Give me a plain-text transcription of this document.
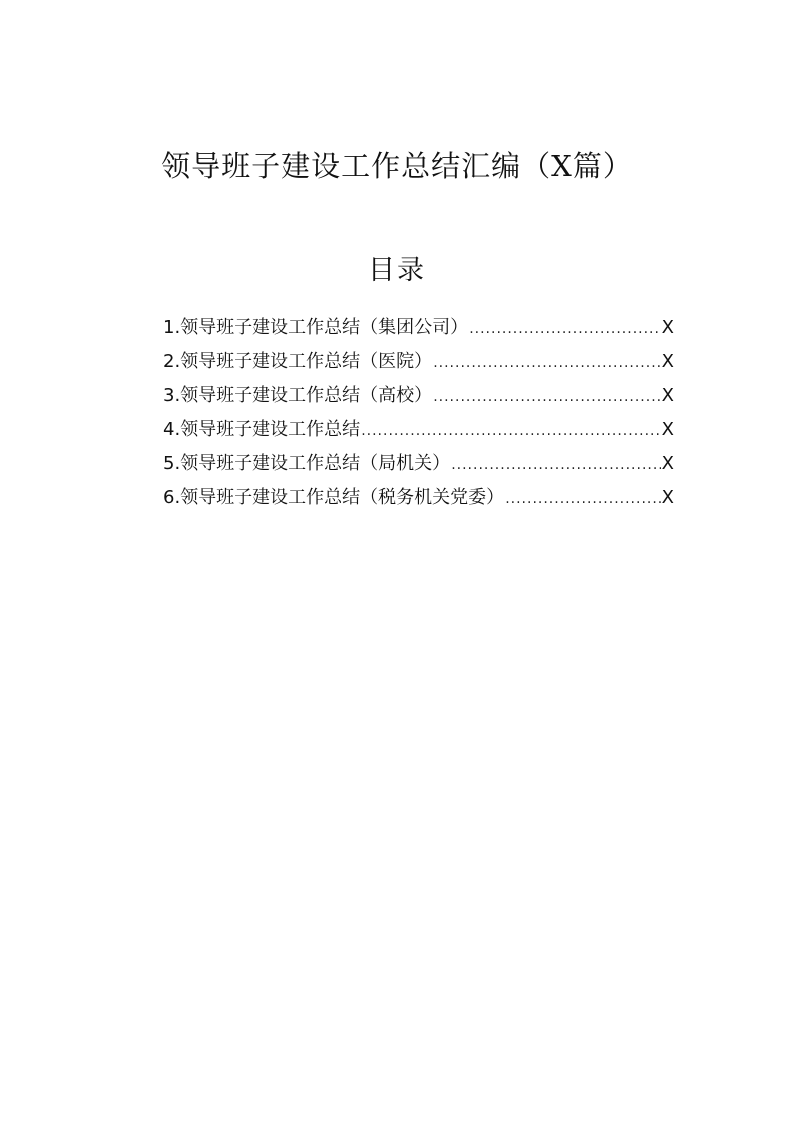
领导班子建设工作总结汇编（X篇）
目录
1.领导班子建设工作总结（集团公司） .....	X
2.领导班子建设工作总结（医院） .....	X
3.领导班子建设工作总结（高校） .....	X
4.领导班子建设工作总结 .....	X
5.领导班子建设工作总结（局机关） .....	X
6.领导班子建设工作总结（税务机关党委） .....	X
